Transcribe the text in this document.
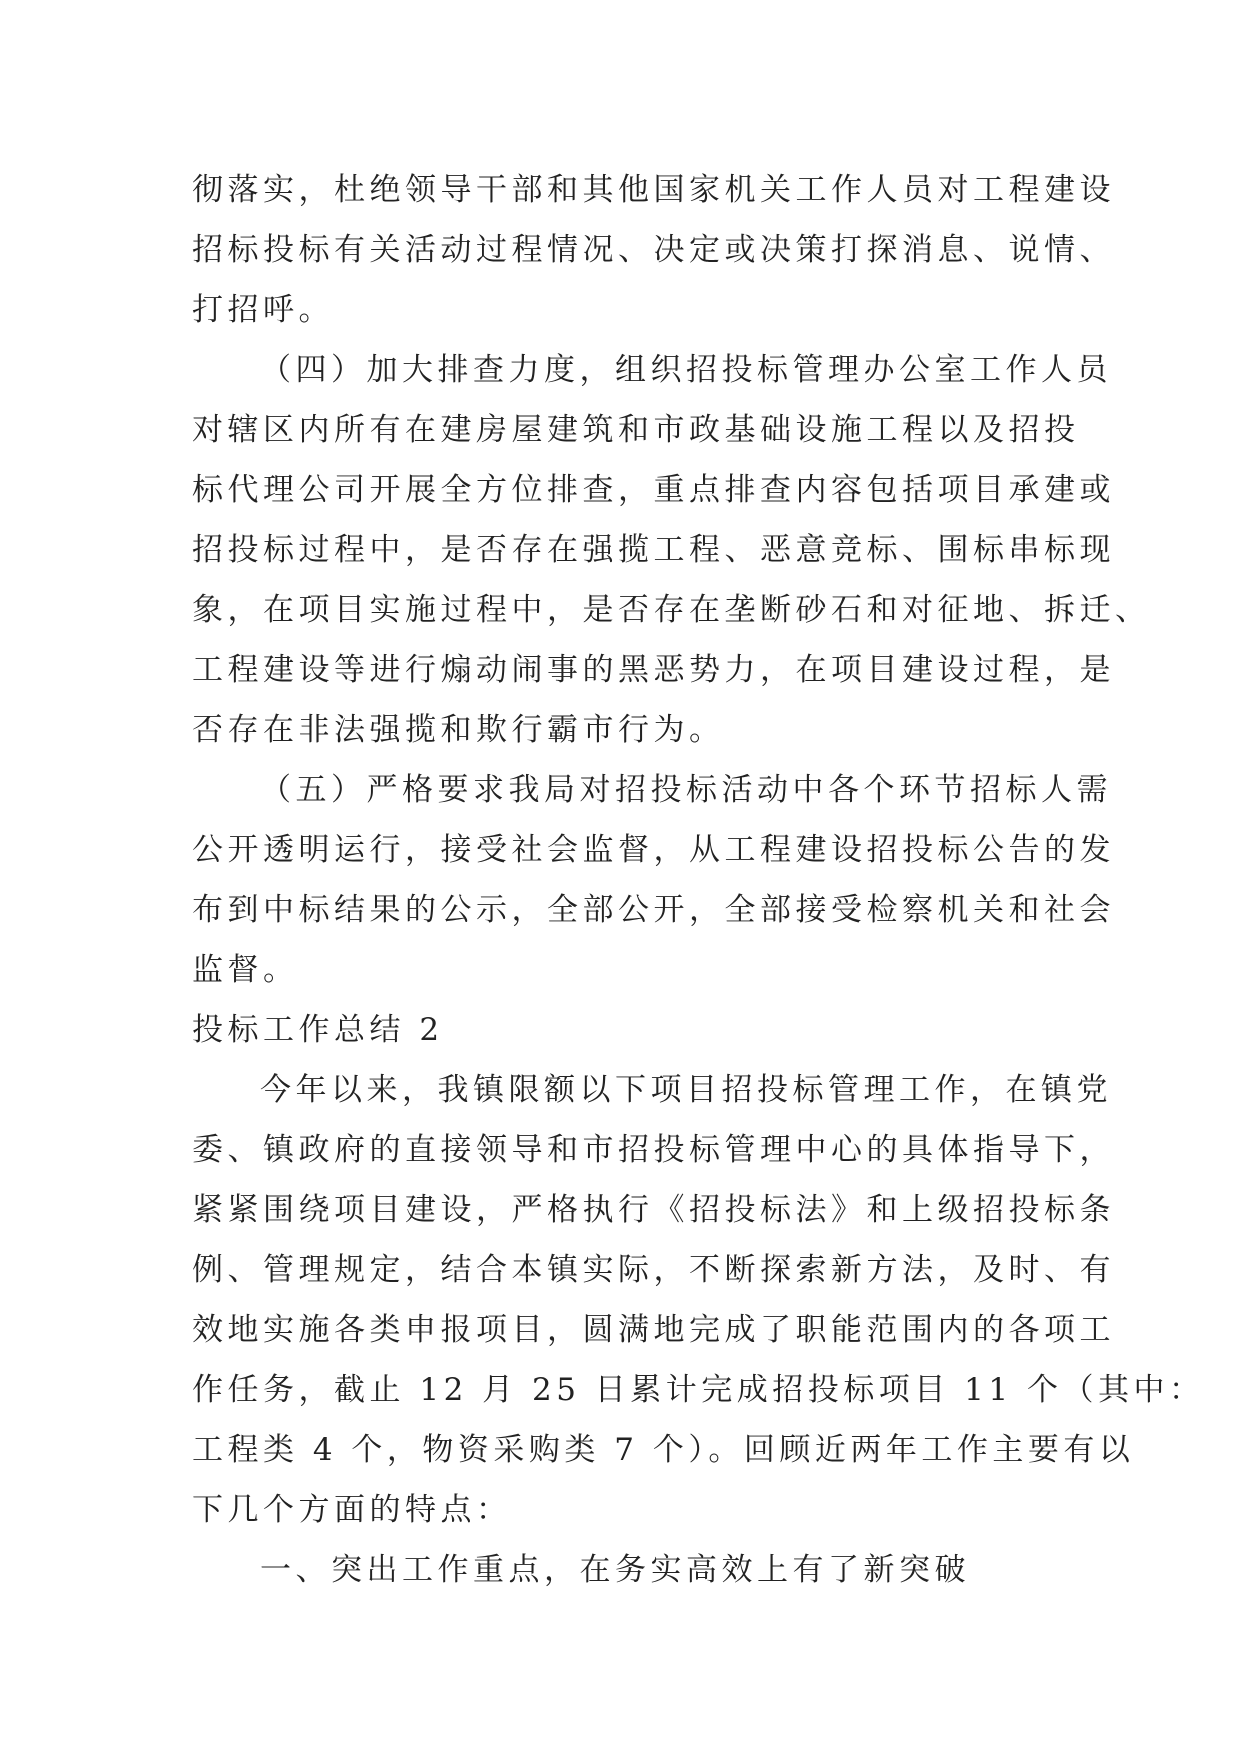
彻落实，杜绝领导干部和其他国家机关工作人员对工程建设
招标投标有关活动过程情况、决定或决策打探消息、说情、
打招呼。
（四）加大排查力度，组织招投标管理办公室工作人员
对辖区内所有在建房屋建筑和市政基础设施工程以及招投
标代理公司开展全方位排查，重点排查内容包括项目承建或
招投标过程中，是否存在强揽工程、恶意竞标、围标串标现
象，在项目实施过程中，是否存在垄断砂石和对征地、拆迁、
工程建设等进行煽动闹事的黑恶势力，在项目建设过程，是
否存在非法强揽和欺行霸市行为。
（五）严格要求我局对招投标活动中各个环节招标人需
公开透明运行，接受社会监督，从工程建设招投标公告的发
布到中标结果的公示，全部公开，全部接受检察机关和社会
监督。
投标工作总结 2
今年以来，我镇限额以下项目招投标管理工作，在镇党
委、镇政府的直接领导和市招投标管理中心的具体指导下，
紧紧围绕项目建设，严格执行《招投标法》和上级招投标条
例、管理规定，结合本镇实际，不断探索新方法，及时、有
效地实施各类申报项目，圆满地完成了职能范围内的各项工
作任务，截止 12 月 25 日累计完成招投标项目 11 个（其中：
工程类 4 个，物资采购类 7 个）。回顾近两年工作主要有以
下几个方面的特点：
一、突出工作重点，在务实高效上有了新突破
